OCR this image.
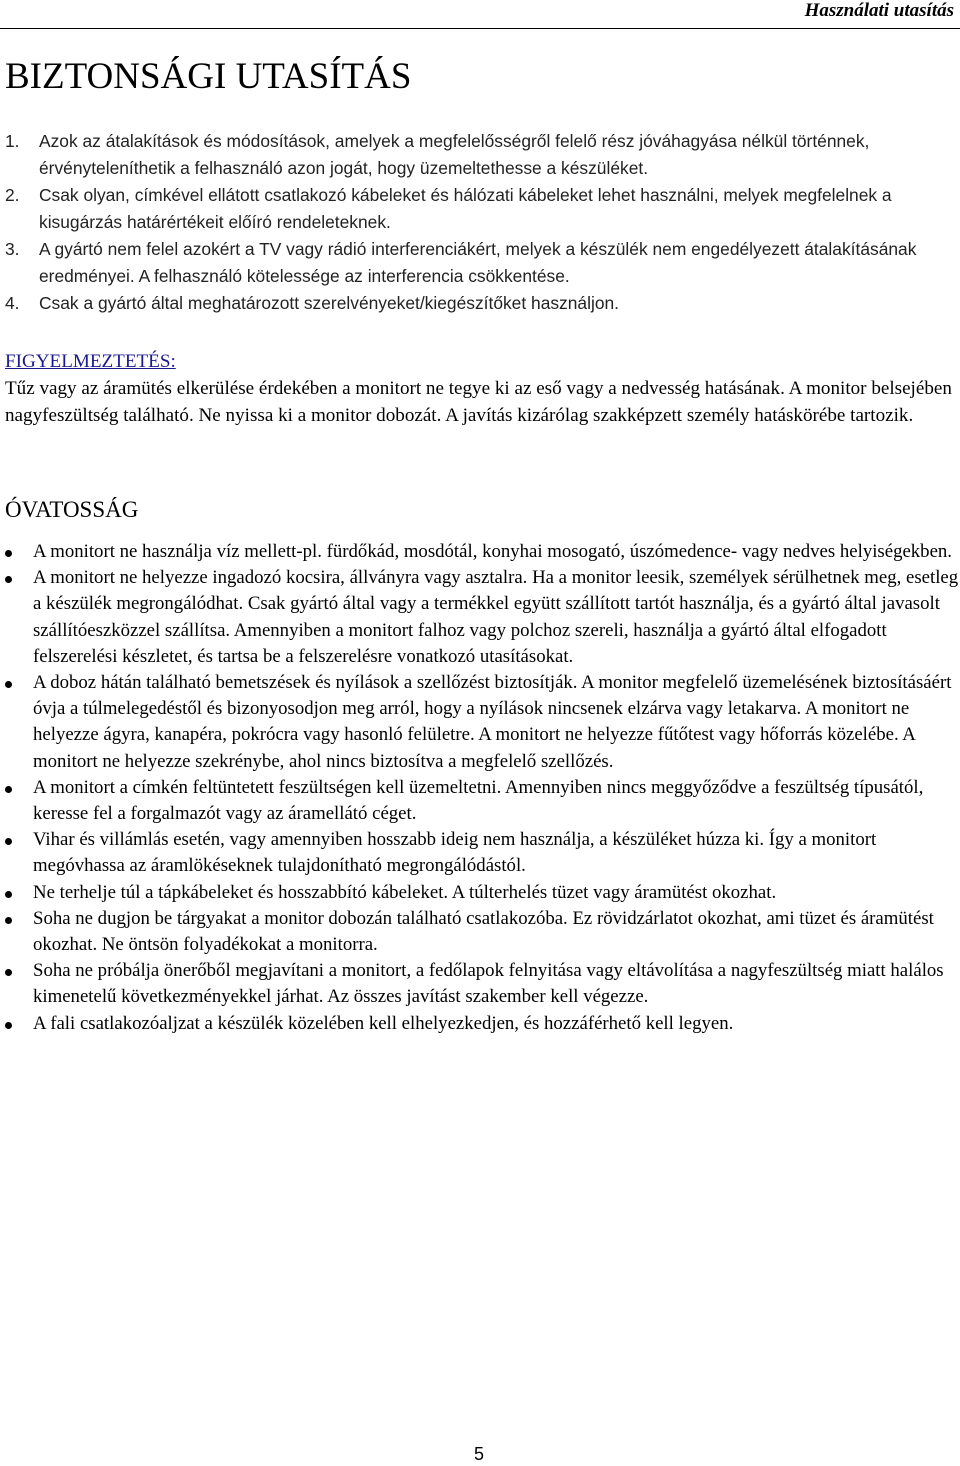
Használati utasítás
BIZTONSÁGI UTASÍTÁS
1. Azok az átalakítások és módosítások, amelyek a megfelelősségről felelő rész jóváhagyása nélkül történnek, érvényteleníthetik a felhasználó azon jogát, hogy üzemeltethesse a készüléket.
2. Csak olyan, címkével ellátott csatlakozó kábeleket és hálózati kábeleket lehet használni, melyek megfelelnek a kisugárzás határértékeit előíró rendeleteknek.
3. A gyártó nem felel azokért a TV vagy rádió interferenciákért, melyek a készülék nem engedélyezett átalakításának eredményei. A felhasználó kötelessége az interferencia csökkentése.
4. Csak a gyártó által meghatározott szerelvényeket/kiegészítőket használjon.

FIGYELMEZTETÉS:

Tűz vagy az áramütés elkerülése érdekében a monitort ne tegye ki az eső vagy a nedvesség hatásának. A monitor belsejében nagyfeszültség található. Ne nyissa ki a monitor dobozát. A javítás kizárólag szakképzett személy hatáskörébe tartozik.

ÓVATOSSÁG
A monitort ne használja víz mellett-pl. fürdőkád, mosdótál, konyhai mosogató, úszómedence- vagy nedves helyiségekben.
A monitort ne helyezze ingadozó kocsira, állványra vagy asztalra. Ha a monitor leesik, személyek sérülhetnek meg, esetleg a készülék megrongálódhat. Csak gyártó által vagy a termékkel együtt szállított tartót használja, és a gyártó által javasolt szállítóeszközzel szállítsa. Amennyiben a monitort falhoz vagy polchoz szereli, használja a gyártó által elfogadott felszerelési készletet, és tartsa be a felszerelésre vonatkozó utasításokat.
A doboz hátán található bemetszések és nyílások a szellőzést biztosítják. A monitor megfelelő üzemelésének biztosításáért óvja a túlmelegedéstől és bizonyosodjon meg arról, hogy a nyílások nincsenek elzárva vagy letakarva. A monitort ne helyezze ágyra, kanapéra, pokrócra vagy hasonló felületre. A monitort ne helyezze fűtőtest vagy hőforrás közelébe. A monitort ne helyezze szekrénybe, ahol nincs biztosítva a megfelelő szellőzés.
A monitort a címkén feltüntetett feszültségen kell üzemeltetni. Amennyiben nincs meggyőződve a feszültség típusától, keresse fel a forgalmazót vagy az áramellátó céget.
Vihar és villámlás esetén, vagy amennyiben hosszabb ideig nem használja, a készüléket húzza ki. Így a monitort megóvhassa az áramlökéseknek tulajdonítható megrongálódástól.
Ne terhelje túl a tápkábeleket és hosszabbító kábeleket. A túlterhelés tüzet vagy áramütést okozhat.
Soha ne dugjon be tárgyakat a monitor dobozán található csatlakozóba. Ez rövidzárlatot okozhat, ami tüzet és áramütést okozhat. Ne öntsön folyadékokat a monitorra.
Soha ne próbálja önerőből megjavítani a monitort, a fedőlapok felnyitása vagy eltávolítása a nagyfeszültség miatt halálos kimenetelű következményekkel járhat. Az összes javítást szakember kell végezze.
A fali csatlakozóaljzat a készülék közelében kell elhelyezkedjen, és hozzáférhető kell legyen.
5
